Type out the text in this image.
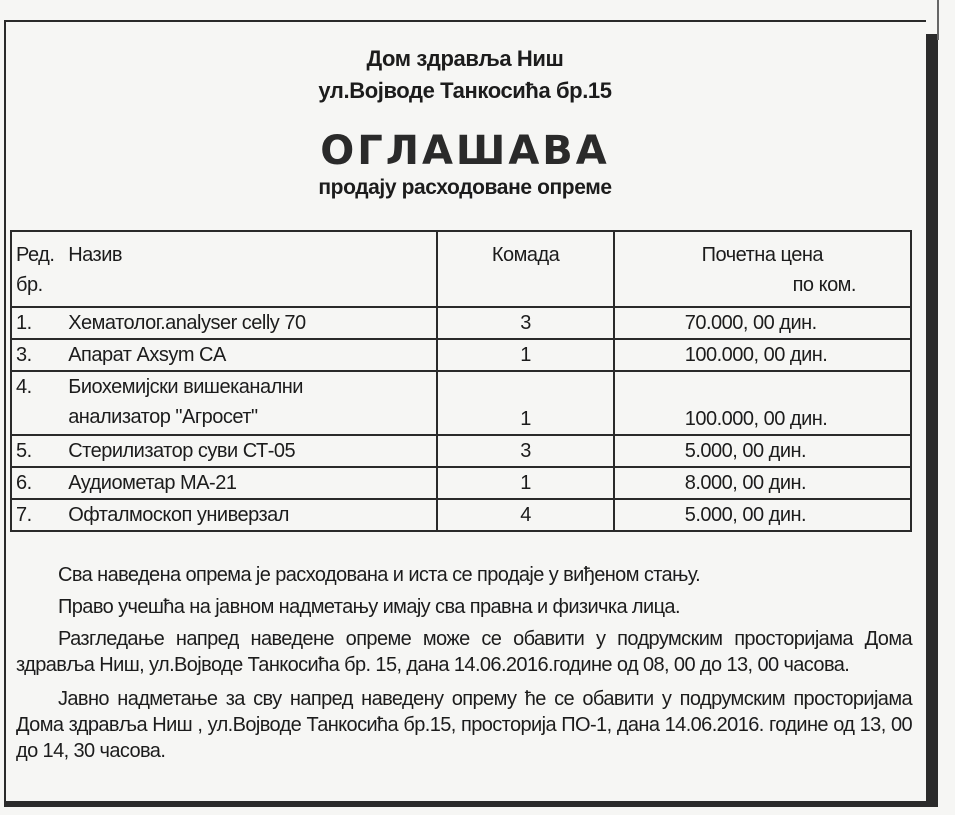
Дом здравља Ниш
ул.Војводе Танкосића бр.15
ОГЛАШАВА
продају расходоване опреме
Ред.
бр.	Назив	Комада	Почетна цена
по ком.

1.	Хематолог.analyser celly 70	3	70.000, 00 дин.
3.	Апарат Axsym CA	1	100.000, 00 дин.
4.	Биохемијски вишеканални
анализатор "Агросет"	1	100.000, 00 дин.
5.	Стерилизатор суви СТ-05	3	5.000, 00 дин.
6.	Аудиометар МА-21	1	8.000, 00 дин.
7.	Офталмоскоп универзал	4	5.000, 00 дин.

Сва наведена опрема је расходована и иста се продаје у виђеном стању.

Право учешћа на јавном надметању имају сва правна и физичка лица.

Разгледање напред наведене опреме може се обавити у подрумским просторијама Дома здравља Ниш, ул.Војводе Танкосића бр. 15, дана 14.06.2016.године од 08, 00 до 13, 00 часова.

Јавно надметање за сву напред наведену опрему ће се обавити у подрумским просторијама Дома здравља Ниш , ул.Војводе Танкосића бр.15, просторија ПО-1, дана 14.06.2016. године од 13, 00 до 14, 30 часова.
